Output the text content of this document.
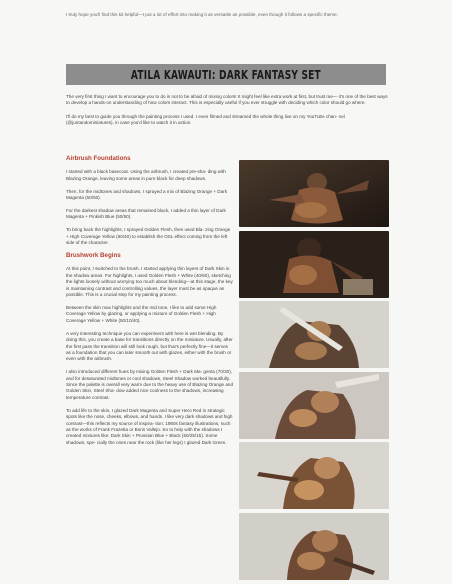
I truly hope you'll find this kit helpful—I put a lot of effort into making it as versatile as possible, even though it follows a specific theme.
ATILA KAWAUTI: DARK FANTASY SET

The very first thing I want to encourage you to do is not to be afraid of mixing colors! It might feel like extra work at first, but trust me— it's one of the best ways to develop a hands-on understanding of how colors interact. This is especially useful if you ever struggle with deciding which color should go where.

I'll do my best to guide you through the painting process I used. I even filmed and streamed the whole thing live on my YouTube chan- nel (@juntandominiatures), in case you'd like to watch it in action.

Airbrush Foundations

I started with a black basecoat. Using the airbrush, I created pre-sha- ding with Blazing Orange, leaving some areas in pure black for deep shadows.

Then, for the midtones and shadows, I sprayed a mix of Blazing Orange + Dark Magenta (50/50).

For the darkest shadow areas that remained black, I added a thin layer of Dark Magenta + Pinkish Blue (50/50).

To bring back the highlights, I sprayed Golden Flesh, then used Bla- zing Orange + High Coverage Yellow (60/40) to establish the OSL effect coming from the left side of the character.

Brushwork Begins

At this point, I switched to the brush. I started applying thin layers of Dark Skin in the shadow areas. For highlights, I used Golden Flesh + White (40/60), sketching the lights loosely without worrying too much about blending—at this stage, the key is maintaining contrast and controlling values, the layer must be as opaque as possible. This is a crucial step for my painting process.

Between the skin max highlights and the mid tone, I like to add some High Coverage Yellow by glazing, or applying a mixture of Golden Flesh + High Coverage Yellow + White (50/10/40).

A very interesting technique you can experiment with here is wet blending. By doing this, you create a base for transitions directly on the miniature. Usually, after the first pass the transition will still look rough, but that's perfectly fine—it serves as a foundation that you can later smooth out with glazes, either with the brush or even with the airbrush.

I also introduced different hues by mixing Golden Flesh + Dark Ma- genta (70/30), and for desaturated midtones or cool shadows, Steel Shadow worked beautifully. Since the palette is overall very warm due to the heavy use of Blazing Orange and Golden Skin, Steel Sha- dow added nice coolness to the shadows, increasing temperature contrast.

To add life to the skin, I glazed Dark Magenta and Super Hero Red in strategic spots like the nose, cheeks, elbows, and hands. I like very dark shadows and high contrast—this reflects my source of inspira- tion: 1980s fantasy illustrations, such as the works of Frank Frazetta or Boris Vallejo. So to help with the shadows I created mixtures like: Dark Skin + Prussian Blue + Black (60/25/15). Some shadows, spe- cially the ones near the rock (like her legs) I glazed Dark Green.
